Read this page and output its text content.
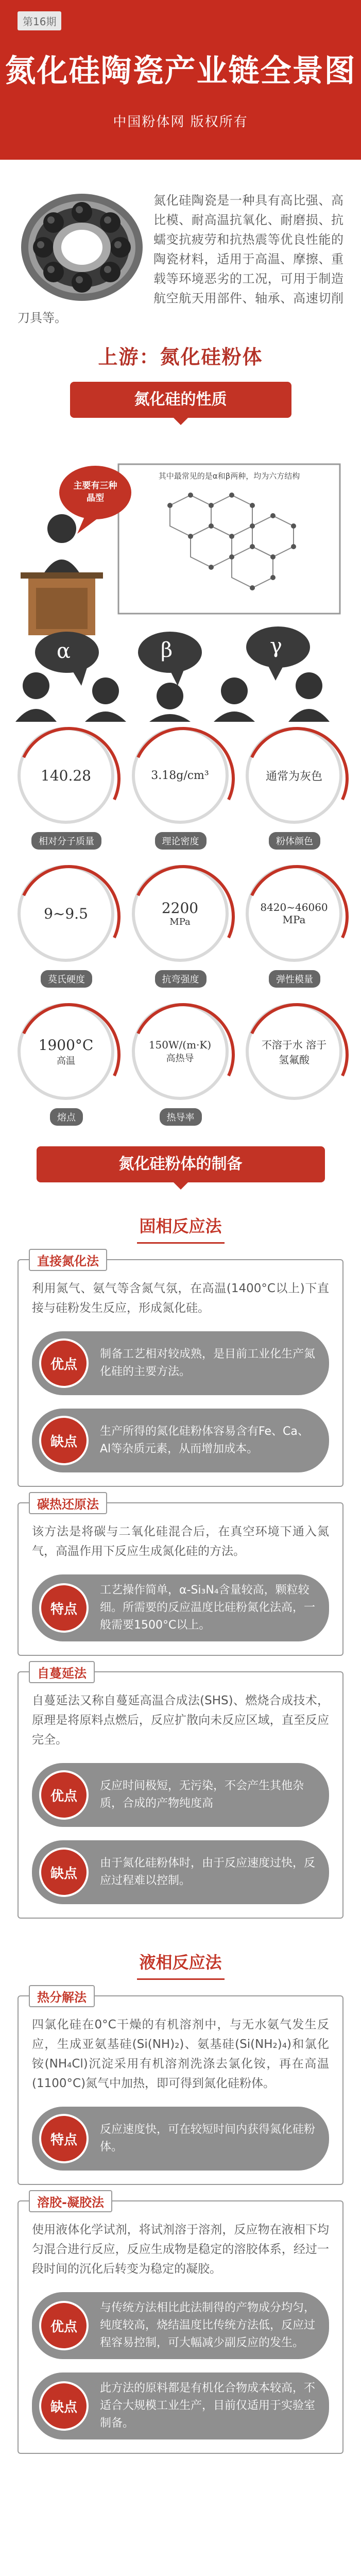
第16期
氮化硅陶瓷产业链全景图
中国粉体网 版权所有
氮化硅陶瓷是一种具有高比强、高比模、耐高温抗氧化、耐磨损、抗蠕变抗疲劳和抗热震等优良性能的陶瓷材料，适用于高温、摩擦、重载等环境恶劣的工况，可用于制造航空航天用部件、轴承、高速切削刀具等。
上游：氮化硅粉体
氮化硅的性质
主要有三种晶型
其中最常见的是α和β两种，均为六方结构
α	β	γ
140.28
相对分子质量
3.18g/cm³
理论密度
通常为灰色
粉体颜色
9~9.5
莫氏硬度
2200
MPa
抗弯强度
8420~46060 MPa
弹性模量
1900°C
高温
熔点
150W/(m·K)
高热导
热导率
不溶于水 溶于氢氟酸
氮化硅粉体的制备
固相反应法
直接氮化法
利用氮气、氨气等含氮气氛，在高温(1400°C以上)下直接与硅粉发生反应，形成氮化硅。
优点
制备工艺相对较成熟，是目前工业化生产氮化硅的主要方法。
缺点
生产所得的氮化硅粉体容易含有Fe、Ca、Al等杂质元素，从而增加成本。
碳热还原法
该方法是将碳与二氧化硅混合后，在真空环境下通入氮气，高温作用下反应生成氮化硅的方法。
特点
工艺操作简单，α-Si₃N₄含量较高，颗粒较细。所需要的反应温度比硅粉氮化法高，一般需要1500°C以上。
自蔓延法
自蔓延法又称自蔓延高温合成法(SHS)、燃烧合成技术，原理是将原料点燃后，反应扩散向未反应区域，直至反应完全。
优点
反应时间极短，无污染，不会产生其他杂质，合成的产物纯度高
缺点
由于氮化硅粉体时，由于反应速度过快，反应过程难以控制。
液相反应法
热分解法
四氯化硅在0°C干燥的有机溶剂中，与无水氨气发生反应，生成亚氨基硅(Si(NH)₂)、氨基硅(Si(NH₂)₄)和氯化铵(NH₄Cl)沉淀采用有机溶剂洗涤去氯化铵，再在高温(1100°C)氮气中加热，即可得到氮化硅粉体。
特点
反应速度快，可在较短时间内获得氮化硅粉体。
溶胶-凝胶法
使用液体化学试剂，将试剂溶于溶剂，反应物在液相下均匀混合进行反应，反应生成物是稳定的溶胶体系，经过一段时间的沉化后转变为稳定的凝胶。
优点
与传统方法相比此法制得的产物成分均匀，纯度较高，烧结温度比传统方法低，反应过程容易控制，可大幅减少副反应的发生。
缺点
此方法的原料都是有机化合物成本较高，不适合大规模工业生产，目前仅适用于实验室制备。
